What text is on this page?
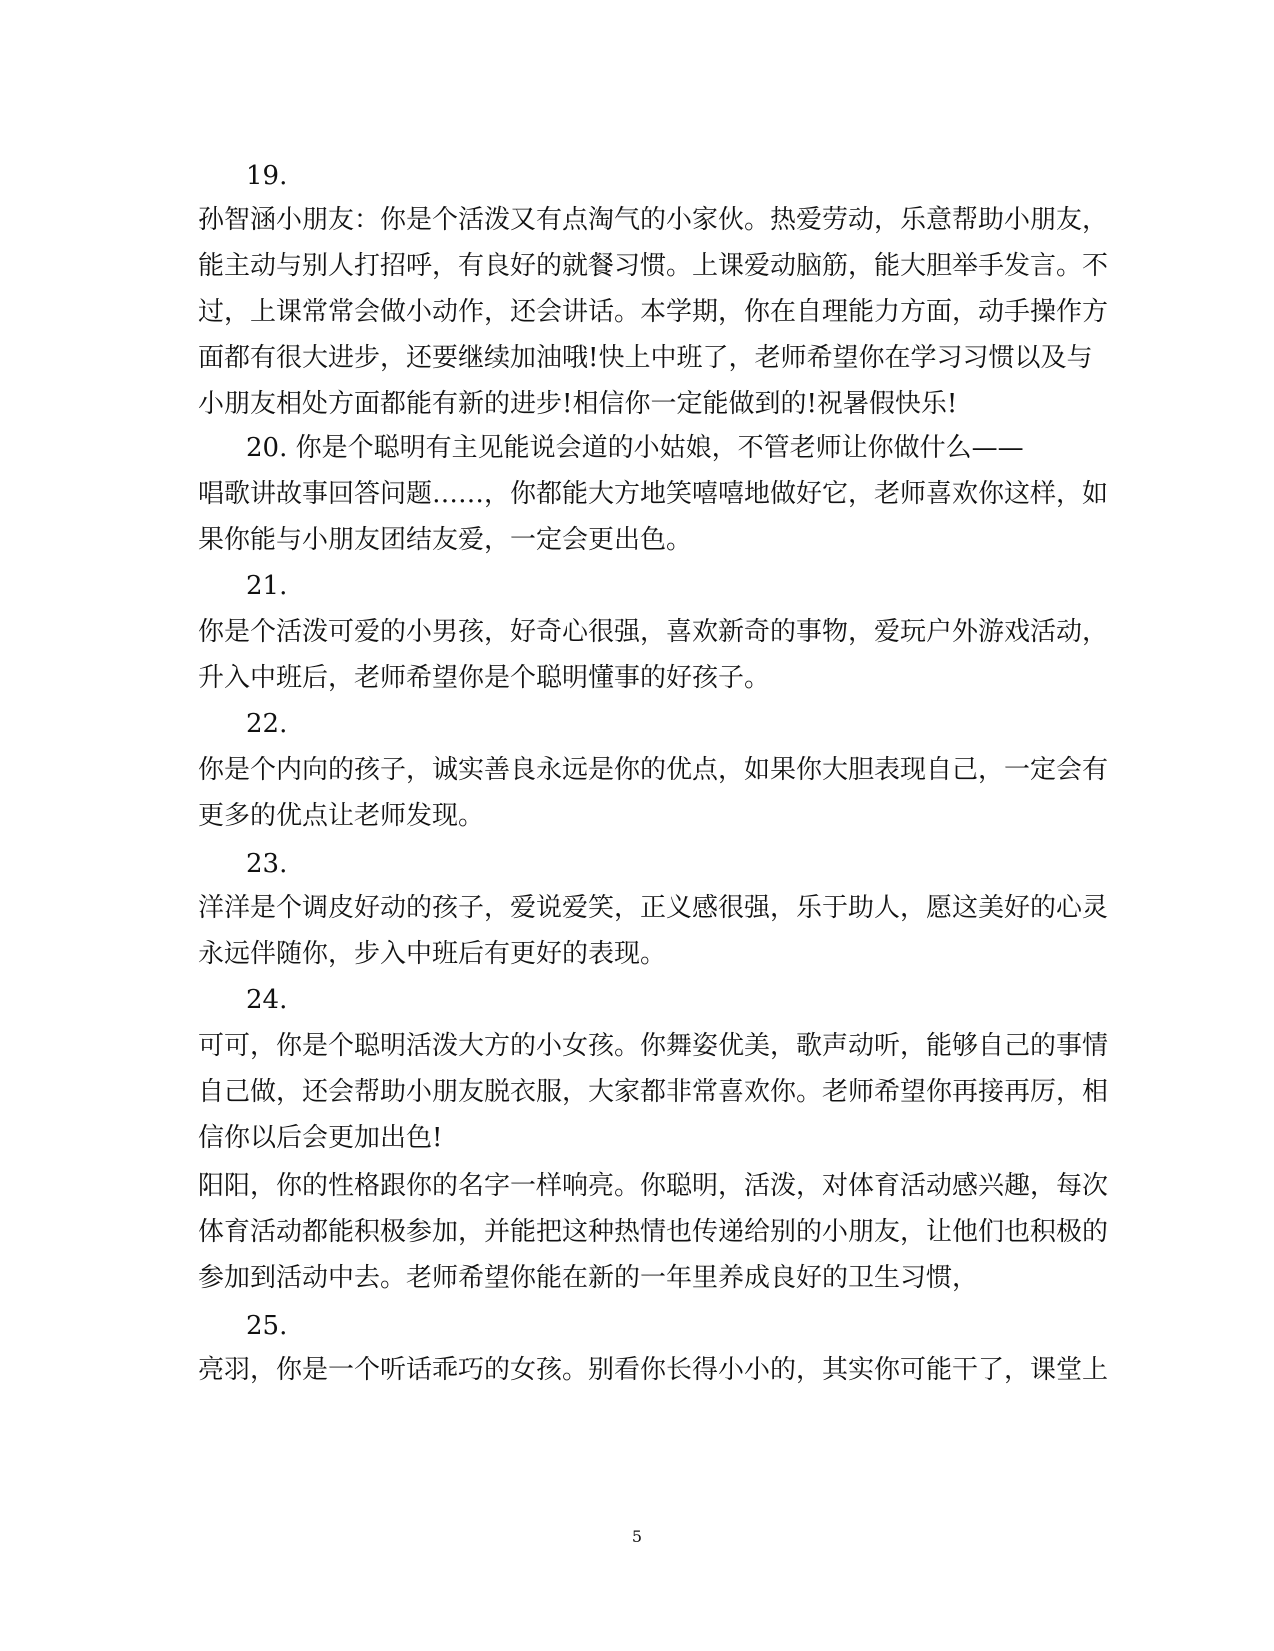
19.
孙智涵小朋友：你是个活泼又有点淘气的小家伙。热爱劳动，乐意帮助小朋友，
能主动与别人打招呼，有良好的就餐习惯。上课爱动脑筋，能大胆举手发言。不
过，上课常常会做小动作，还会讲话。本学期，你在自理能力方面，动手操作方
面都有很大进步，还要继续加油哦!快上中班了，老师希望你在学习习惯以及与
小朋友相处方面都能有新的进步!相信你一定能做到的!祝暑假快乐!
20. 你是个聪明有主见能说会道的小姑娘，不管老师让你做什么——
唱歌讲故事回答问题……，你都能大方地笑嘻嘻地做好它，老师喜欢你这样，如
果你能与小朋友团结友爱，一定会更出色。
21.
你是个活泼可爱的小男孩，好奇心很强，喜欢新奇的事物，爱玩户外游戏活动，
升入中班后，老师希望你是个聪明懂事的好孩子。
22.
你是个内向的孩子，诚实善良永远是你的优点，如果你大胆表现自己，一定会有
更多的优点让老师发现。
23.
洋洋是个调皮好动的孩子，爱说爱笑，正义感很强，乐于助人，愿这美好的心灵
永远伴随你，步入中班后有更好的表现。
24.
可可，你是个聪明活泼大方的小女孩。你舞姿优美，歌声动听，能够自己的事情
自己做，还会帮助小朋友脱衣服，大家都非常喜欢你。老师希望你再接再厉，相
信你以后会更加出色!
阳阳，你的性格跟你的名字一样响亮。你聪明，活泼，对体育活动感兴趣，每次
体育活动都能积极参加，并能把这种热情也传递给别的小朋友，让他们也积极的
参加到活动中去。老师希望你能在新的一年里养成良好的卫生习惯，
25.
亮羽，你是一个听话乖巧的女孩。别看你长得小小的，其实你可能干了，课堂上
5
